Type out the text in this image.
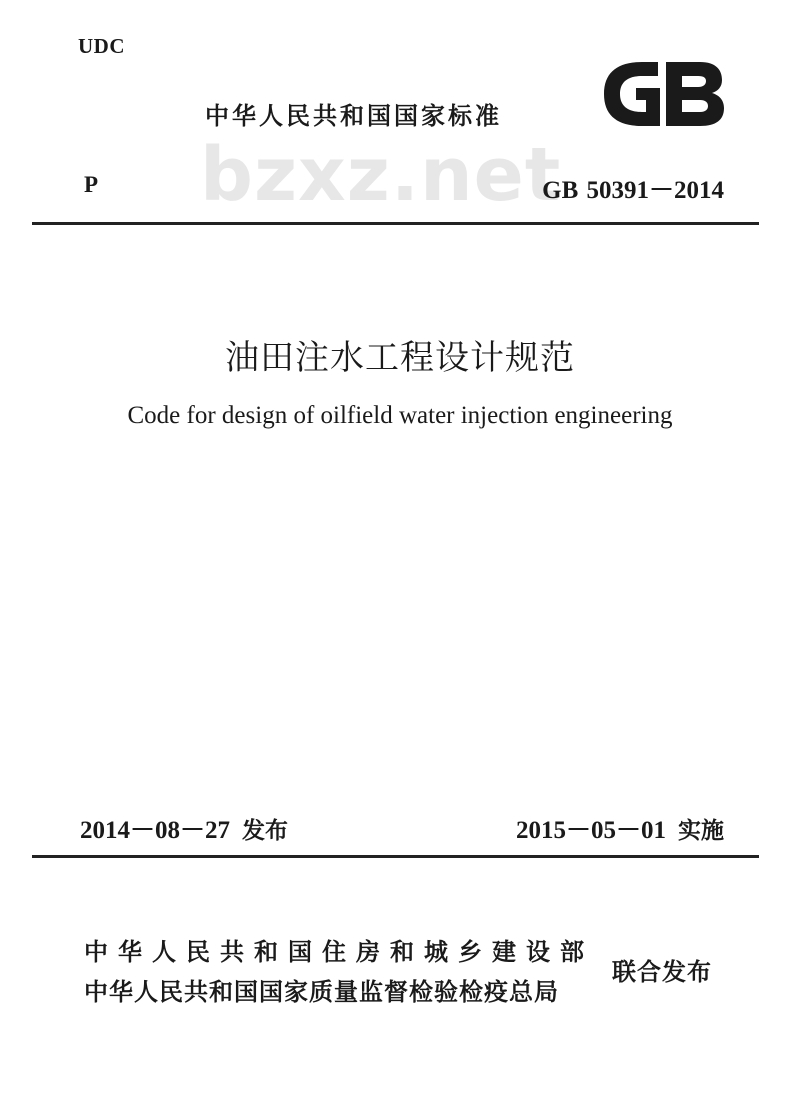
UDC
中华人民共和国国家标准
bzxz.net
P	GB 50391－2014
油田注水工程设计规范
Code for design of oilfield water injection engineering
2014－08－27 发布	2015－05－01 实施
中华人民共和国住房和城乡建设部
中华人民共和国国家质量监督检验检疫总局
联合发布
